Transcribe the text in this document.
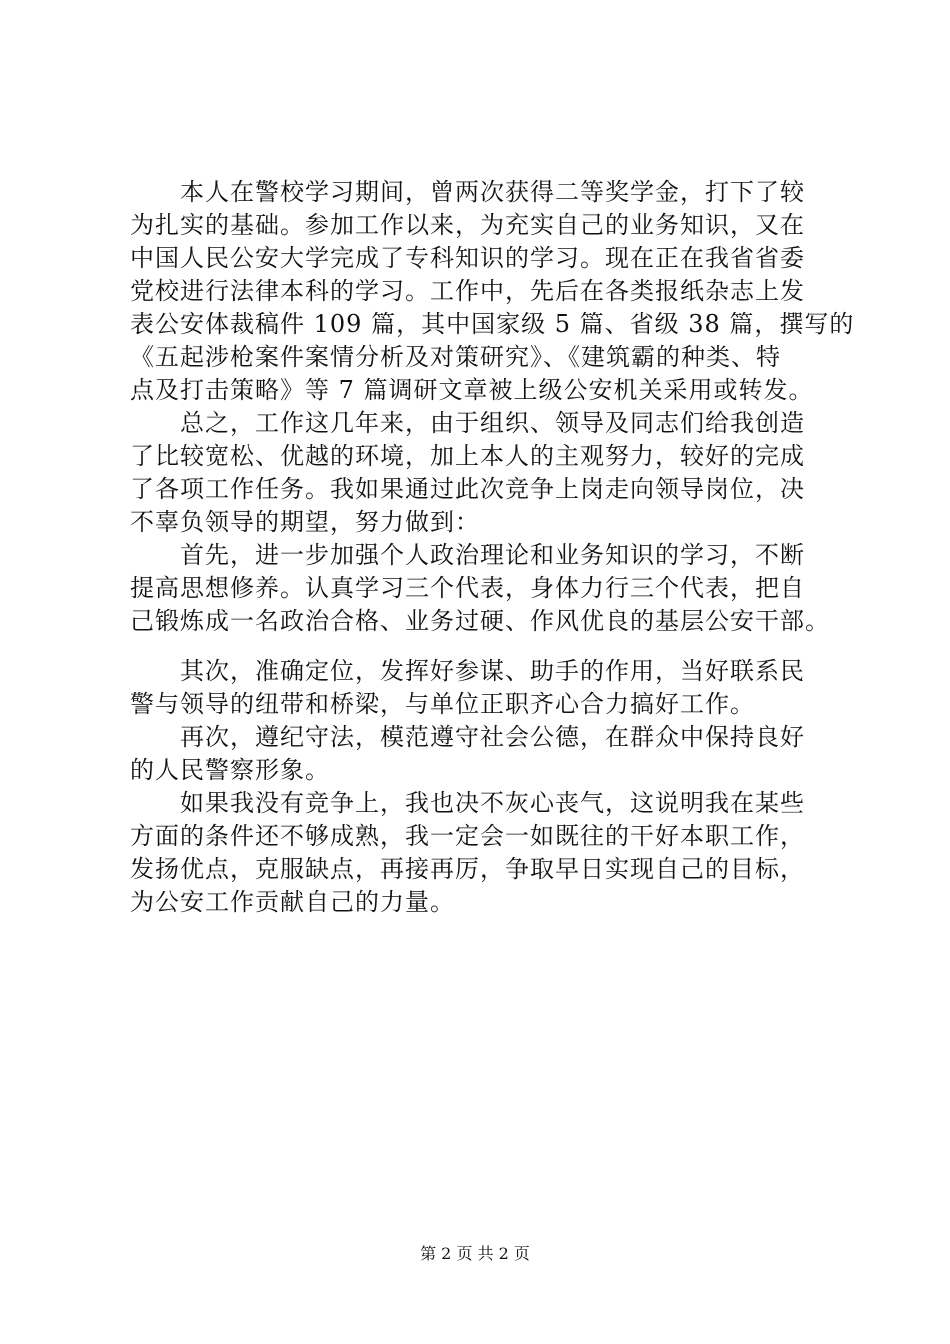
　　本人在警校学习期间，曾两次获得二等奖学金，打下了较
为扎实的基础。参加工作以来，为充实自己的业务知识，又在
中国人民公安大学完成了专科知识的学习。现在正在我省省委
党校进行法律本科的学习。工作中，先后在各类报纸杂志上发
表公安体裁稿件 109 篇，其中国家级 5 篇、省级 38 篇，撰写的
《五起涉枪案件案情分析及对策研究》、《建筑霸的种类、特
点及打击策略》等 7 篇调研文章被上级公安机关采用或转发。
　　总之，工作这几年来，由于组织、领导及同志们给我创造
了比较宽松、优越的环境，加上本人的主观努力，较好的完成
了各项工作任务。我如果通过此次竞争上岗走向领导岗位，决
不辜负领导的期望，努力做到：
　　首先，进一步加强个人政治理论和业务知识的学习，不断
提高思想修养。认真学习三个代表，身体力行三个代表，把自
己锻炼成一名政治合格、业务过硬、作风优良的基层公安干部。
　　其次，准确定位，发挥好参谋、助手的作用，当好联系民
警与领导的纽带和桥梁，与单位正职齐心合力搞好工作。
　　再次，遵纪守法，模范遵守社会公德，在群众中保持良好
的人民警察形象。
　　如果我没有竞争上，我也决不灰心丧气，这说明我在某些
方面的条件还不够成熟，我一定会一如既往的干好本职工作，
发扬优点，克服缺点，再接再厉，争取早日实现自己的目标，
为公安工作贡献自己的力量。
第 2 页 共 2 页
